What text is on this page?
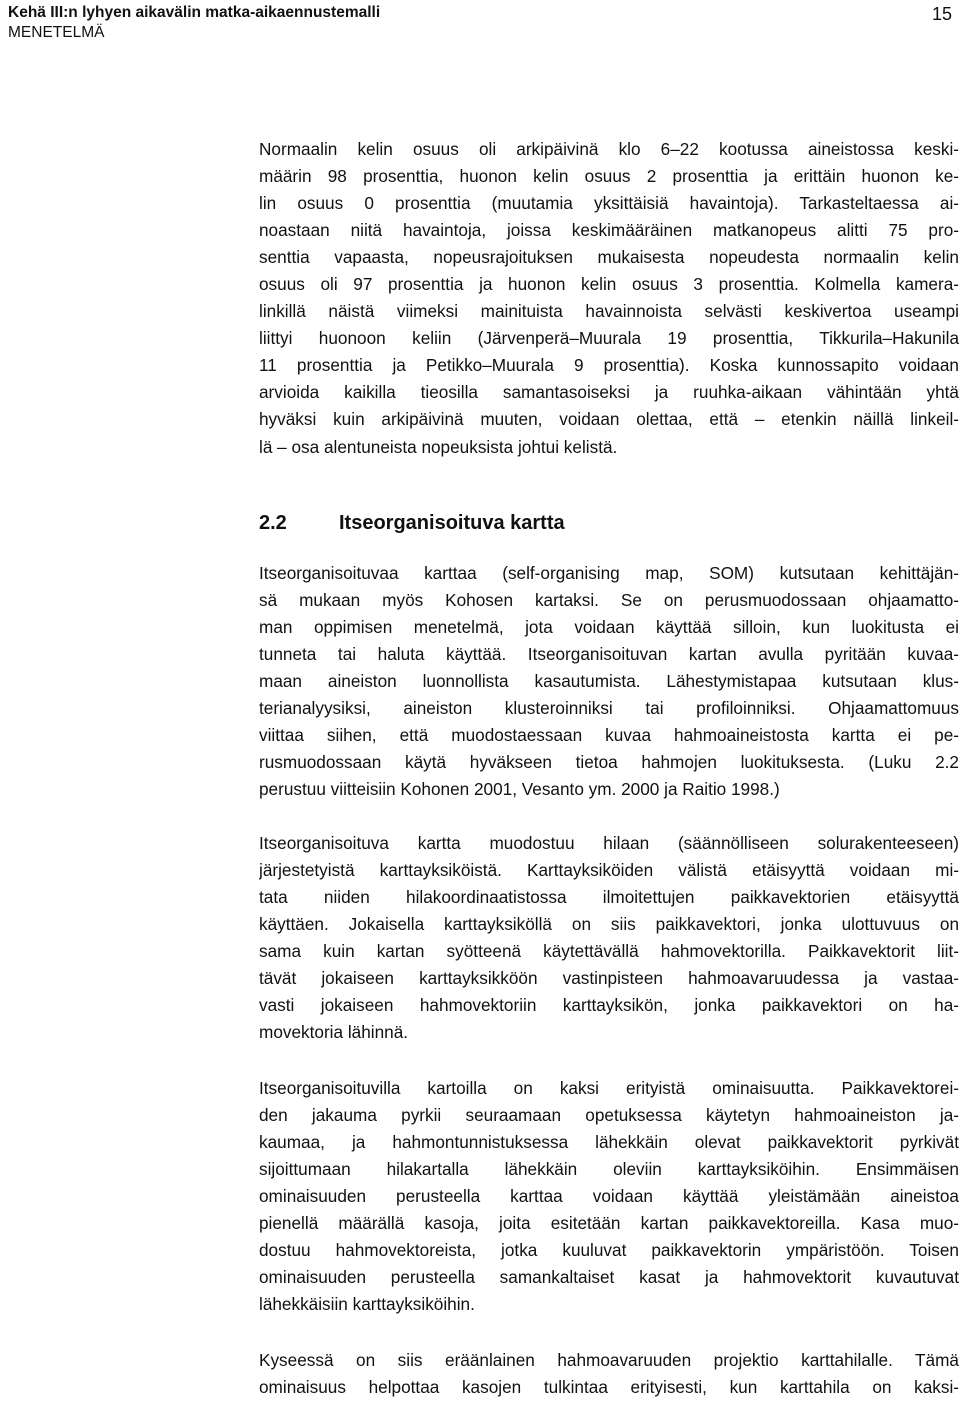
Kehä III:n lyhyen aikavälin matka-aikaennustemalli
MENETELMÄ
15
Normaalin kelin osuus oli arkipäivinä klo 6–22 kootussa aineistossa keski-
määrin 98 prosenttia, huonon kelin osuus 2 prosenttia ja erittäin huonon ke-
lin osuus 0 prosenttia (muutamia yksittäisiä havaintoja). Tarkasteltaessa ai-
noastaan niitä havaintoja, joissa keskimääräinen matkanopeus alitti 75 pro-
senttia vapaasta, nopeusrajoituksen mukaisesta nopeudesta normaalin kelin
osuus oli 97 prosenttia ja huonon kelin osuus 3 prosenttia. Kolmella kamera-
linkillä näistä viimeksi mainituista havainnoista selvästi keskivertoa useampi
liittyi huonoon keliin (Järvenperä–Muurala 19 prosenttia, Tikkurila–Hakunila
11 prosenttia ja Petikko–Muurala 9 prosenttia). Koska kunnossapito voidaan
arvioida kaikilla tieosilla samantasoiseksi ja ruuhka-aikaan vähintään yhtä
hyväksi kuin arkipäivinä muuten, voidaan olettaa, että – etenkin näillä linkeil-
lä – osa alentuneista nopeuksista johtui kelistä.
2.2	Itseorganisoituva kartta
Itseorganisoituvaa karttaa (self-organising map, SOM) kutsutaan kehittäjän-
sä mukaan myös Kohosen kartaksi. Se on perusmuodossaan ohjaamatto-
man oppimisen menetelmä, jota voidaan käyttää silloin, kun luokitusta ei
tunneta tai haluta käyttää. Itseorganisoituvan kartan avulla pyritään kuvaa-
maan aineiston luonnollista kasautumista. Lähestymistapaa kutsutaan klus-
terianalyysiksi, aineiston klusteroinniksi tai profiloinniksi. Ohjaamattomuus
viittaa siihen, että muodostaessaan kuvaa hahmoaineistosta kartta ei pe-
rusmuodossaan käytä hyväkseen tietoa hahmojen luokituksesta. (Luku 2.2
perustuu viitteisiin Kohonen 2001, Vesanto ym. 2000 ja Raitio 1998.)
Itseorganisoituva kartta muodostuu hilaan (säännölliseen solurakenteeseen)
järjestetyistä karttayksiköistä. Karttayksiköiden välistä etäisyyttä voidaan mi-
tata niiden hilakoordinaatistossa ilmoitettujen paikkavektorien etäisyyttä
käyttäen. Jokaisella karttayksiköllä on siis paikkavektori, jonka ulottuvuus on
sama kuin kartan syötteenä käytettävällä hahmovektorilla. Paikkavektorit liit-
tävät jokaiseen karttayksikköön vastinpisteen hahmoavaruudessa ja vastaa-
vasti jokaiseen hahmovektoriin karttayksikön, jonka paikkavektori on ha-
movektoria lähinnä.
Itseorganisoituvilla kartoilla on kaksi erityistä ominaisuutta. Paikkavektorei-
den jakauma pyrkii seuraamaan opetuksessa käytetyn hahmoaineiston ja-
kaumaa, ja hahmontunnistuksessa lähekkäin olevat paikkavektorit pyrkivät
sijoittumaan hilakartalla lähekkäin oleviin karttayksiköihin. Ensimmäisen
ominaisuuden perusteella karttaa voidaan käyttää yleistämään aineistoa
pienellä määrällä kasoja, joita esitetään kartan paikkavektoreilla. Kasa muo-
dostuu hahmovektoreista, jotka kuuluvat paikkavektorin ympäristöön. Toisen
ominaisuuden perusteella samankaltaiset kasat ja hahmovektorit kuvautuvat
lähekkäisiin karttayksiköihin.
Kyseessä on siis eräänlainen hahmoavaruuden projektio karttahilalle. Tämä
ominaisuus helpottaa kasojen tulkintaa erityisesti, kun karttahila on kaksi-
